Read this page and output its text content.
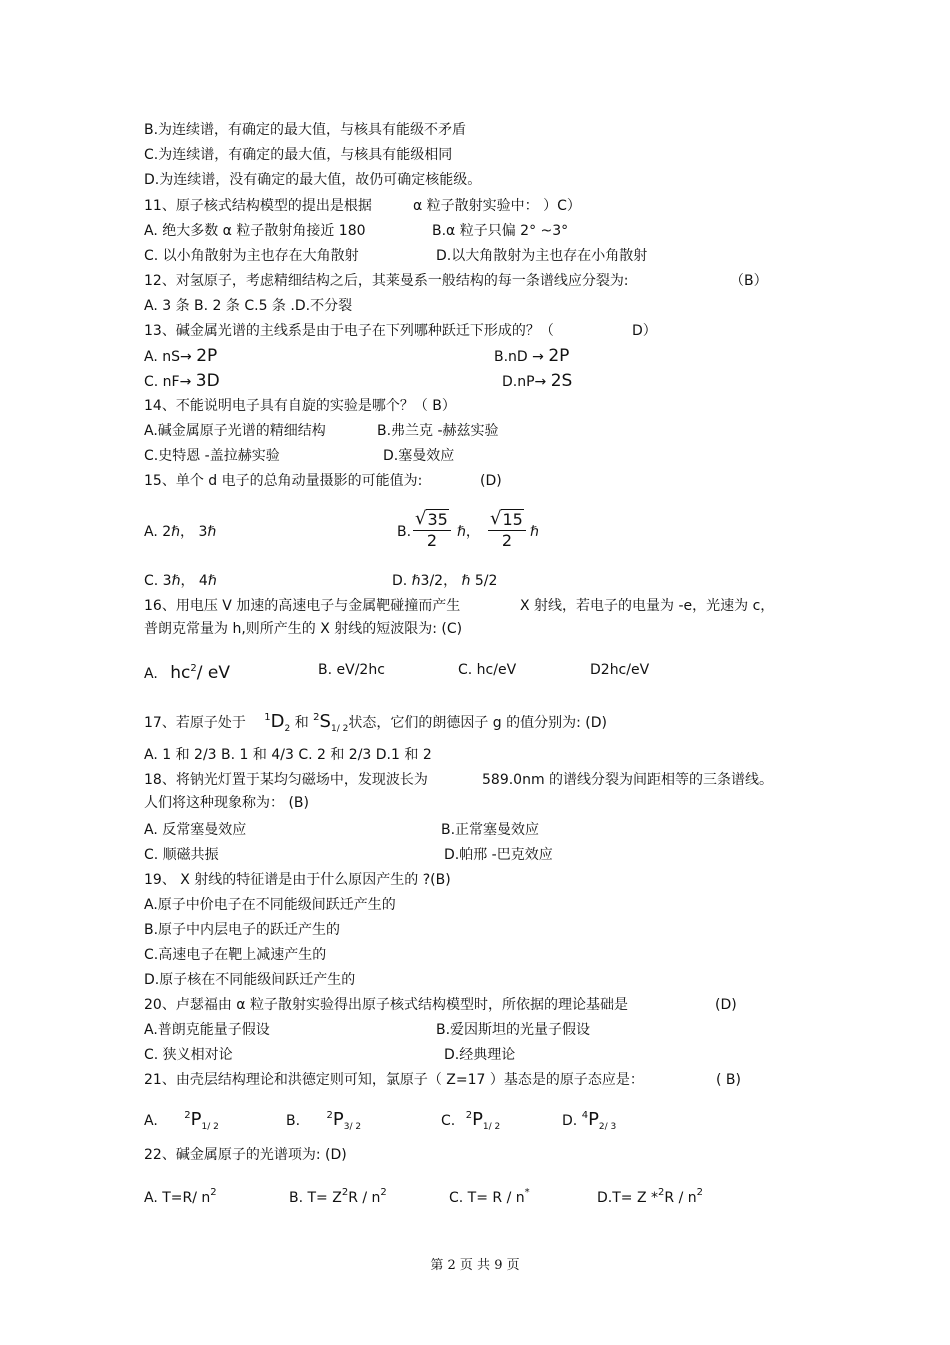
B.为连续谱，有确定的最大值，与核具有能级不矛盾
C.为连续谱，有确定的最大值，与核具有能级相同
D.为连续谱，没有确定的最大值，故仍可确定核能级。
11、原子核式结构模型的提出是根据	α 粒子散射实验中： ）C）
A. 绝大多数 α 粒子散射角接近 180	B.α 粒子只偏 2° ~3°
C. 以小角散射为主也存在大角散射	D.以大角散射为主也存在小角散射
12、对氢原子，考虑精细结构之后，其莱曼系一般结构的每一条谱线应分裂为:	（B）
A. 3 条 B. 2 条 C.5 条 .D.不分裂
13、碱金属光谱的主线系是由于电子在下列哪种跃迁下形成的？（	D）
A. nS→ 2P	B.nD → 2P
C. nF→ 3D	D.nP→ 2S
14、不能说明电子具有自旋的实验是哪个？（ B）
A.碱金属原子光谱的精细结构	B.弗兰克 -赫兹实验
C.史特恩 -盖拉赫实验	D.塞曼效应
15、单个 d 电子的总角动量摄影的可能值为:	(D)
A. 2ℏ， 3ℏ	B. $\frac{√ 35}{2}$ ℏ， $\frac{√ 15}{2}$ ℏ
C. 3ℏ， 4ℏ	D. ℏ3/2， ℏ 5/2
16、用电压 V 加速的高速电子与金属靶碰撞而产生	X 射线，若电子的电量为 -e，光速为 c，
普朗克常量为 h,则所产生的 X 射线的短波限为: (C)
A. $hc^2/$ eV	B. eV/2hc	C. hc/eV	D2hc/eV
17、若原子处于 $^1D_2$ 和 $^2S_{1/ 2}$状态，它们的朗德因子 g 的值分别为: (D)
A. 1 和 2/3 B. 1 和 4/3 C. 2 和 2/3 D.1 和 2
18、将钠光灯置于某均匀磁场中，发现波长为	589.0nm 的谱线分裂为间距相等的三条谱线。
人们将这种现象称为： (B)
A. 反常塞曼效应	B.正常塞曼效应
C. 顺磁共振	D.帕邢 -巴克效应
19、 X 射线的特征谱是由于什么原因产生的 ?(B)
A.原子中价电子在不同能级间跃迁产生的
B.原子中内层电子的跃迁产生的
C.高速电子在靶上减速产生的
D.原子核在不同能级间跃迁产生的
20、卢瑟福由 α 粒子散射实验得出原子核式结构模型时，所依据的理论基础是	(D)
A.普朗克能量子假设	B.爱因斯坦的光量子假设
C. 狭义相对论	D.经典理论
21、由壳层结构理论和洪德定则可知，氯原子（ Z=17 ）基态是的原子态应是：	( B)
A.	$^2P_{1/ 2}$	B.	$^2P_{3/ 2}$	C. $^2P_{1/ 2}$	D. $^4P_{2/ 3}$
22、碱金属原子的光谱项为: (D)
A. T=R/ $n^2$	B. $T= Z^2R / n^2$	C. T= R / n*	D.T= Z $*^2R / n^2$
第 2 页 共 9 页
